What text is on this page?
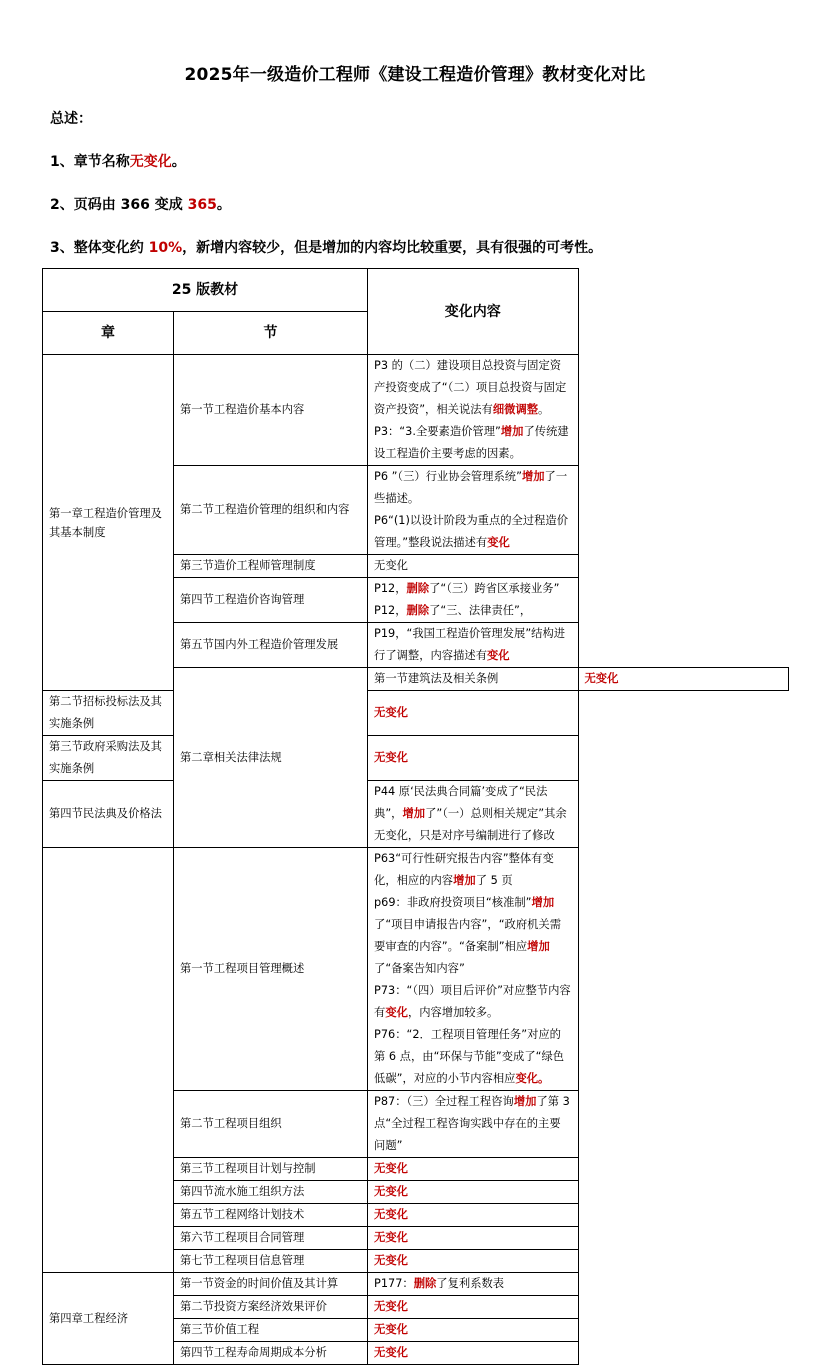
2025年一级造价工程师《建设工程造价管理》教材变化对比
总述：
1、章节名称无变化。
2、页码由 366 变成 365。
3、整体变化约 10%，新增内容较少，但是增加的内容均比较重要，具有很强的可考性。
25 版教材		变化内容	
章	节		
第一章工程造价管理及其基本制度	第一节工程造价基本内容	P3 的（二）建设项目总投资与固定资产投资变成了“（二）项目总投资与固定资产投资”，相关说法有细微调整。
P3：“3.全要素造价管理”增加了传统建设工程造价主要考虑的因素。	

	第二节工程造价管理的组织和内容	P6 ”（三）行业协会管理系统”增加了一些描述。
P6“(1)以设计阶段为重点的全过程造价管理。”整段说法描述有变化	

	第三节造价工程师管理制度	无变化	
	第四节工程造价咨询管理	P12，删除了“（三）跨省区承接业务”
P12，删除了“三、法律责任”，	

	第五节国内外工程造价管理发展	P19，“我国工程造价管理发展”结构进行了调整，内容描述有变化	
	第二章相关法律法规	第一节建筑法及相关条例	无变化
第二节招标投标法及其实施条例		无变化	
第三节政府采购法及其实施条例		无变化	
第四节民法典及价格法		P44 原‘民法典合同篇’变成了“民法典”，增加了”（一）总则相关规定”其余无变化，只是对序号编制进行了修改	
	第一节工程项目管理概述	P63“可行性研究报告内容”整体有变化，相应的内容增加了 5 页
p69：非政府投资项目“核准制”增加了“项目申请报告内容”，“政府机关需要审查的内容”。“备案制”相应增加了“备案告知内容”
P73：“（四）项目后评价”对应整节内容有变化，内容增加较多。
P76：“2．工程项目管理任务”对应的第 6 点，由“环保与节能”变成了“绿色低碳”，对应的小节内容相应变化。	

	第二节工程项目组织	P87：（三）全过程工程咨询增加了第 3 点“全过程工程咨询实践中存在的主要问题”	
	第三节工程项目计划与控制	无变化	
	第四节流水施工组织方法	无变化	
	第五节工程网络计划技术	无变化	
	第六节工程项目合同管理	无变化	
	第七节工程项目信息管理	无变化	
第四章工程经济	第一节资金的时间价值及其计算	P177：删除了复利系数表	
	第二节投资方案经济效果评价	无变化	
	第三节价值工程	无变化	
	第四节工程寿命周期成本分析	无变化	
